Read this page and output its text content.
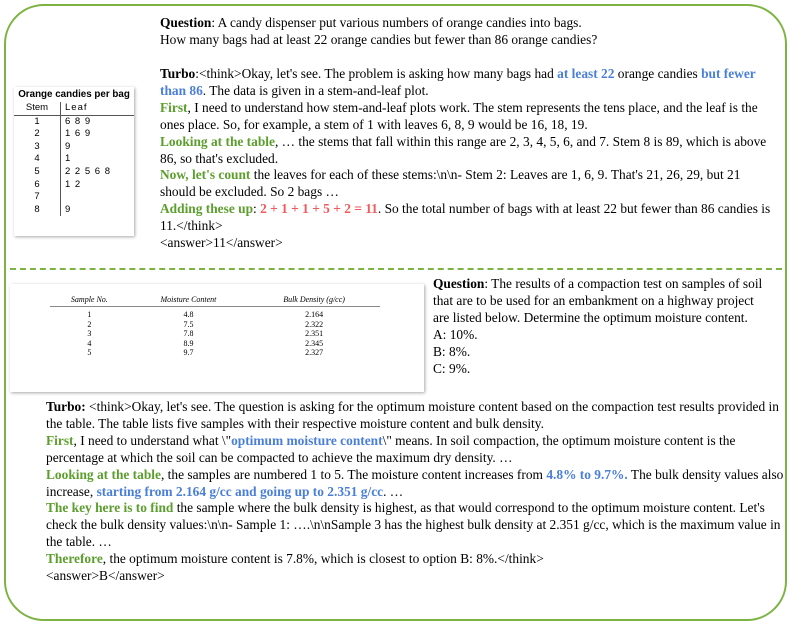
Question: A candy dispenser put various numbers of orange candies into bags.

How many bags had at least 22 orange candies but fewer than 86 orange candies?

Orange candies per bag
Stem	Leaf
1	6 8 9
2	1 6 9
3	9
4	1
5	2 2 5 6 8
6	1 2
7	
8	9

Turbo:<think>Okay, let's see. The problem is asking how many bags had at least 22 orange candies but fewer than 86. The data is given in a stem-and-leaf plot.

First, I need to understand how stem-and-leaf plots work. The stem represents the tens place, and the leaf is the ones place. So, for example, a stem of 1 with leaves 6, 8, 9 would be 16, 18, 19.

Looking at the table, … the stems that fall within this range are 2, 3, 4, 5, 6, and 7. Stem 8 is 89, which is above 86, so that's excluded.

Now, let's count the leaves for each of these stems:\n\n- Stem 2: Leaves are 1, 6, 9. That's 21, 26, 29, but 21 should be excluded. So 2 bags …

Adding these up: 2 + 1 + 1 + 5 + 2 = 11. So the total number of bags with at least 22 but fewer than 86 candies is 11.</think>

<answer>11</answer>

Sample No.	Moisture Content	Bulk Density (g/cc)
1	4.8	2.164
2	7.5	2.322
3	7.8	2.351
4	8.9	2.345
5	9.7	2.327

Question: The results of a compaction test on samples of soil that are to be used for an embankment on a highway project are listed below. Determine the optimum moisture content.

A: 10%.

B: 8%.

C: 9%.

Turbo: <think>Okay, let's see. The question is asking for the optimum moisture content based on the compaction test results provided in the table. The table lists five samples with their respective moisture content and bulk density.

First, I need to understand what \"optimum moisture content\" means. In soil compaction, the optimum moisture content is the percentage at which the soil can be compacted to achieve the maximum dry density. …

Looking at the table, the samples are numbered 1 to 5. The moisture content increases from 4.8% to 9.7%. The bulk density values also increase, starting from 2.164 g/cc and going up to 2.351 g/cc. …

The key here is to find the sample where the bulk density is highest, as that would correspond to the optimum moisture content. Let's check the bulk density values:\n\n- Sample 1: ….\n\nSample 3 has the highest bulk density at 2.351 g/cc, which is the maximum value in the table. …

Therefore, the optimum moisture content is 7.8%, which is closest to option B: 8%.</think>

<answer>B</answer>
